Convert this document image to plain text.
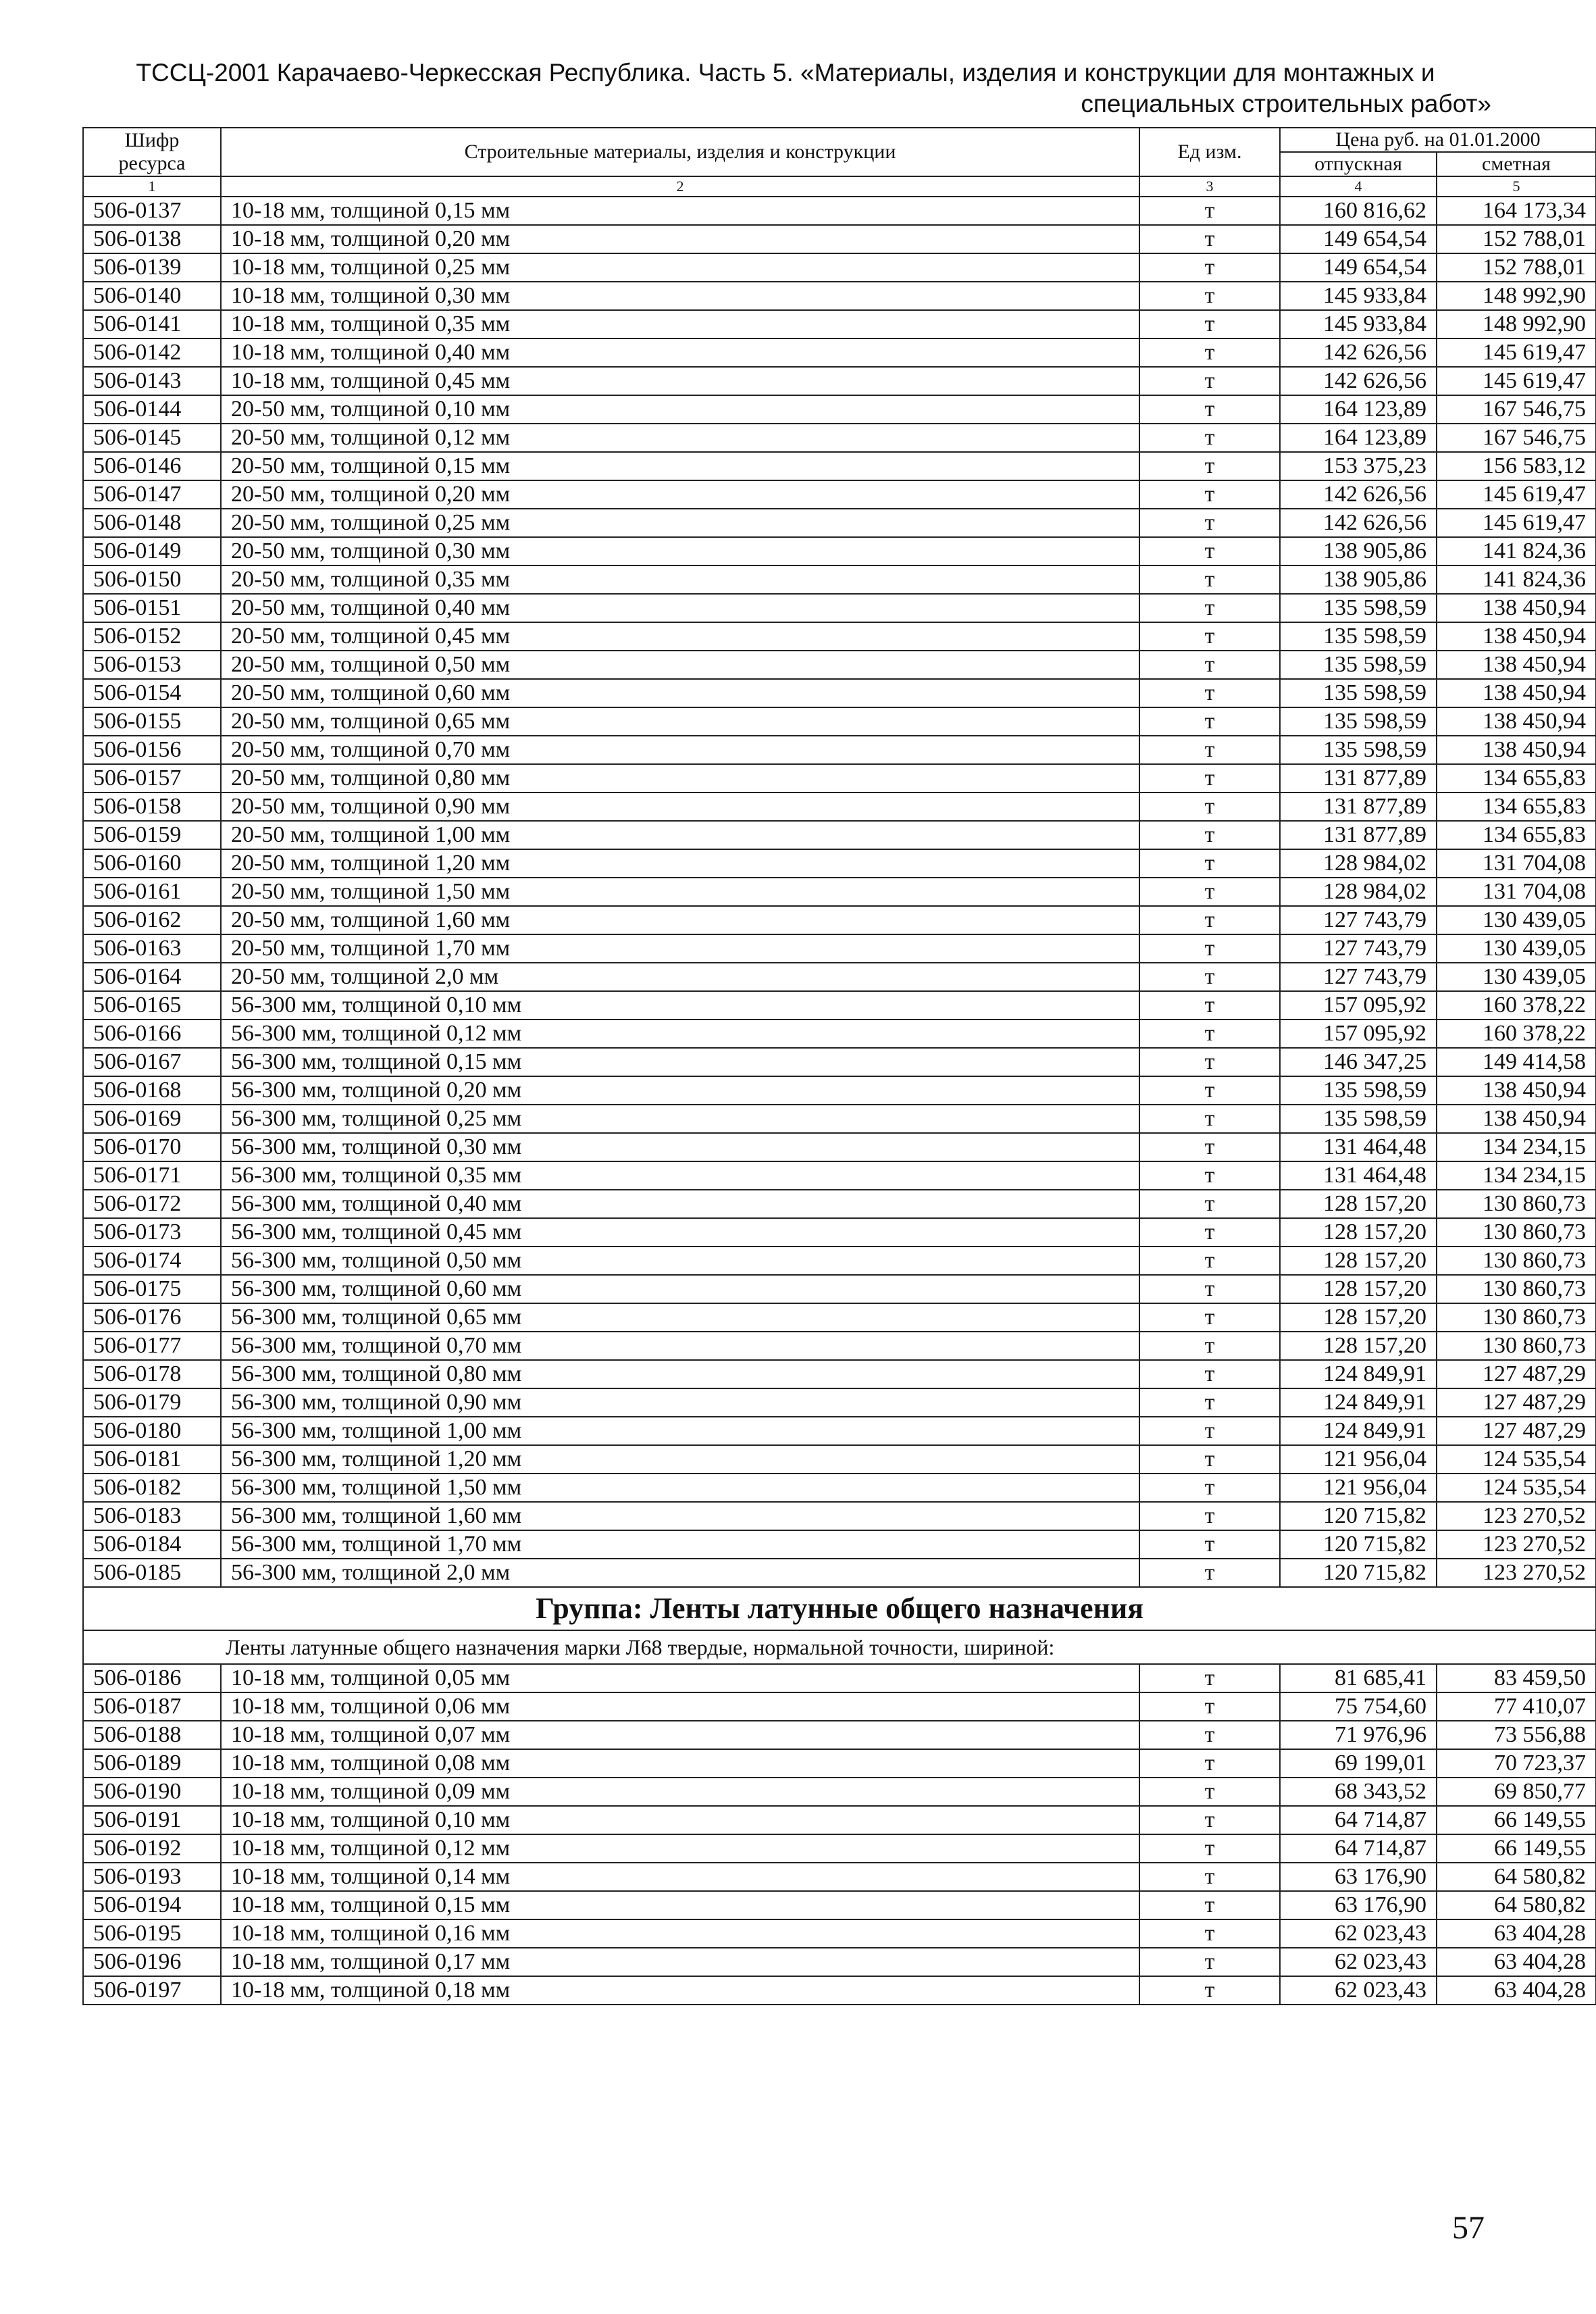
ТССЦ-2001 Карачаево-Черкесская Республика. Часть 5. «Материалы, изделия и конструкции для монтажных и
специальных строительных работ»
Шифр ресурса	Строительные материалы, изделия и конструкции	Ед изм.	Цена руб. на 01.01.2000	
			отпускная	сметная
1	2	3	4	5
506-0137	10-18 мм, толщиной 0,15 мм	т	160 816,62	164 173,34
506-0138	10-18 мм, толщиной 0,20 мм	т	149 654,54	152 788,01
506-0139	10-18 мм, толщиной 0,25 мм	т	149 654,54	152 788,01
506-0140	10-18 мм, толщиной 0,30 мм	т	145 933,84	148 992,90
506-0141	10-18 мм, толщиной 0,35 мм	т	145 933,84	148 992,90
506-0142	10-18 мм, толщиной 0,40 мм	т	142 626,56	145 619,47
506-0143	10-18 мм, толщиной 0,45 мм	т	142 626,56	145 619,47
506-0144	20-50 мм, толщиной 0,10 мм	т	164 123,89	167 546,75
506-0145	20-50 мм, толщиной 0,12 мм	т	164 123,89	167 546,75
506-0146	20-50 мм, толщиной 0,15 мм	т	153 375,23	156 583,12
506-0147	20-50 мм, толщиной 0,20 мм	т	142 626,56	145 619,47
506-0148	20-50 мм, толщиной 0,25 мм	т	142 626,56	145 619,47
506-0149	20-50 мм, толщиной 0,30 мм	т	138 905,86	141 824,36
506-0150	20-50 мм, толщиной 0,35 мм	т	138 905,86	141 824,36
506-0151	20-50 мм, толщиной 0,40 мм	т	135 598,59	138 450,94
506-0152	20-50 мм, толщиной 0,45 мм	т	135 598,59	138 450,94
506-0153	20-50 мм, толщиной 0,50 мм	т	135 598,59	138 450,94
506-0154	20-50 мм, толщиной 0,60 мм	т	135 598,59	138 450,94
506-0155	20-50 мм, толщиной 0,65 мм	т	135 598,59	138 450,94
506-0156	20-50 мм, толщиной 0,70 мм	т	135 598,59	138 450,94
506-0157	20-50 мм, толщиной 0,80 мм	т	131 877,89	134 655,83
506-0158	20-50 мм, толщиной 0,90 мм	т	131 877,89	134 655,83
506-0159	20-50 мм, толщиной 1,00 мм	т	131 877,89	134 655,83
506-0160	20-50 мм, толщиной 1,20 мм	т	128 984,02	131 704,08
506-0161	20-50 мм, толщиной 1,50 мм	т	128 984,02	131 704,08
506-0162	20-50 мм, толщиной 1,60 мм	т	127 743,79	130 439,05
506-0163	20-50 мм, толщиной 1,70 мм	т	127 743,79	130 439,05
506-0164	20-50 мм, толщиной 2,0 мм	т	127 743,79	130 439,05
506-0165	56-300 мм, толщиной 0,10 мм	т	157 095,92	160 378,22
506-0166	56-300 мм, толщиной 0,12 мм	т	157 095,92	160 378,22
506-0167	56-300 мм, толщиной 0,15 мм	т	146 347,25	149 414,58
506-0168	56-300 мм, толщиной 0,20 мм	т	135 598,59	138 450,94
506-0169	56-300 мм, толщиной 0,25 мм	т	135 598,59	138 450,94
506-0170	56-300 мм, толщиной 0,30 мм	т	131 464,48	134 234,15
506-0171	56-300 мм, толщиной 0,35 мм	т	131 464,48	134 234,15
506-0172	56-300 мм, толщиной 0,40 мм	т	128 157,20	130 860,73
506-0173	56-300 мм, толщиной 0,45 мм	т	128 157,20	130 860,73
506-0174	56-300 мм, толщиной 0,50 мм	т	128 157,20	130 860,73
506-0175	56-300 мм, толщиной 0,60 мм	т	128 157,20	130 860,73
506-0176	56-300 мм, толщиной 0,65 мм	т	128 157,20	130 860,73
506-0177	56-300 мм, толщиной 0,70 мм	т	128 157,20	130 860,73
506-0178	56-300 мм, толщиной 0,80 мм	т	124 849,91	127 487,29
506-0179	56-300 мм, толщиной 0,90 мм	т	124 849,91	127 487,29
506-0180	56-300 мм, толщиной 1,00 мм	т	124 849,91	127 487,29
506-0181	56-300 мм, толщиной 1,20 мм	т	121 956,04	124 535,54
506-0182	56-300 мм, толщиной 1,50 мм	т	121 956,04	124 535,54
506-0183	56-300 мм, толщиной 1,60 мм	т	120 715,82	123 270,52
506-0184	56-300 мм, толщиной 1,70 мм	т	120 715,82	123 270,52
506-0185	56-300 мм, толщиной 2,0 мм	т	120 715,82	123 270,52
Группа: Ленты латунные общего назначения				
Ленты латунные общего назначения марки Л68 твердые, нормальной точности, шириной:				
506-0186	10-18 мм, толщиной 0,05 мм	т	81 685,41	83 459,50
506-0187	10-18 мм, толщиной 0,06 мм	т	75 754,60	77 410,07
506-0188	10-18 мм, толщиной 0,07 мм	т	71 976,96	73 556,88
506-0189	10-18 мм, толщиной 0,08 мм	т	69 199,01	70 723,37
506-0190	10-18 мм, толщиной 0,09 мм	т	68 343,52	69 850,77
506-0191	10-18 мм, толщиной 0,10 мм	т	64 714,87	66 149,55
506-0192	10-18 мм, толщиной 0,12 мм	т	64 714,87	66 149,55
506-0193	10-18 мм, толщиной 0,14 мм	т	63 176,90	64 580,82
506-0194	10-18 мм, толщиной 0,15 мм	т	63 176,90	64 580,82
506-0195	10-18 мм, толщиной 0,16 мм	т	62 023,43	63 404,28
506-0196	10-18 мм, толщиной 0,17 мм	т	62 023,43	63 404,28
506-0197	10-18 мм, толщиной 0,18 мм	т	62 023,43	63 404,28
57
